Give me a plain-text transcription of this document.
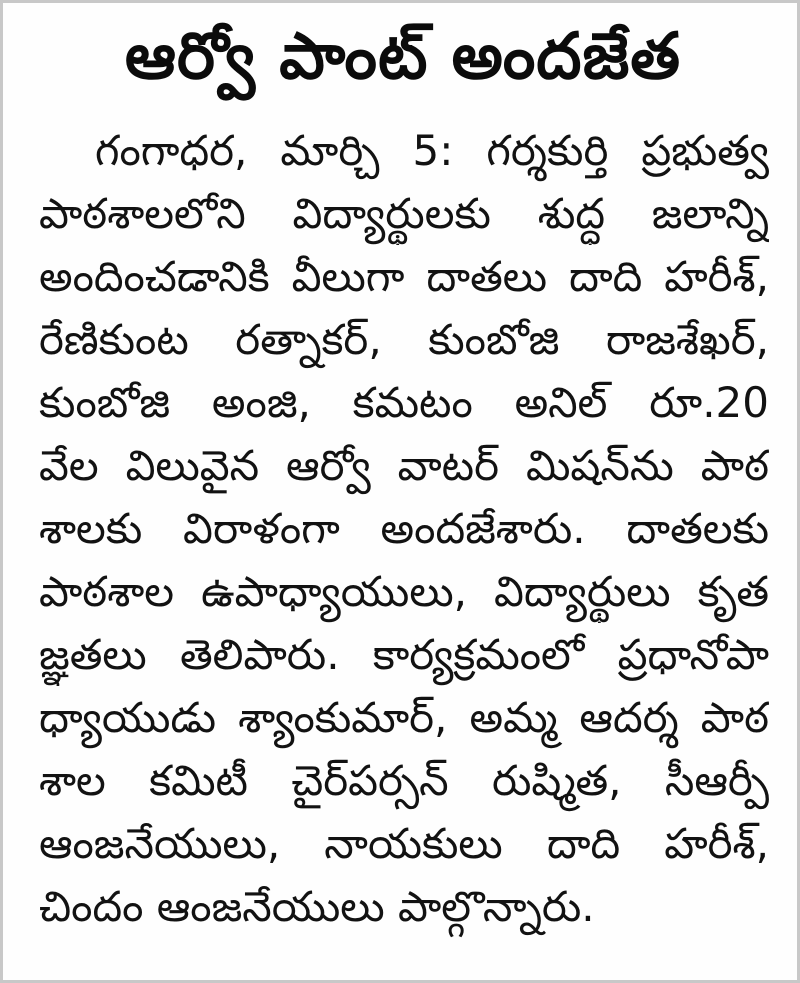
ఆర్వో పాంట్ అందజేత
గంగాధర, మార్చి 5: గర్శకుర్తి ప్రభుత్వ
పాఠశాలలోని విద్యార్థులకు శుద్ధ జలాన్ని
అందించడానికి వీలుగా దాతలు దాది హరీశ్,
రేణికుంట రత్నాకర్, కుంబోజి రాజశేఖర్,
కుంబోజి అంజి, కమటం అనిల్ రూ.20
వేల విలువైన ఆర్వో వాటర్ మిషన్‌ను పాఠ
శాలకు విరాళంగా అందజేశారు. దాతలకు
పాఠశాల ఉపాధ్యాయులు, విద్యార్థులు కృత
జ్ఞతలు తెలిపారు. కార్యక్రమంలో ప్రధానోపా
ధ్యాయుడు శ్యాంకుమార్, అమ్మ ఆదర్శ పాఠ
శాల కమిటీ చైర్‌పర్సన్ రుష్మిత, సీఆర్పీ
ఆంజనేయులు, నాయకులు దాది హరీశ్,
చిందం ఆంజనేయులు పాల్గొన్నారు.
